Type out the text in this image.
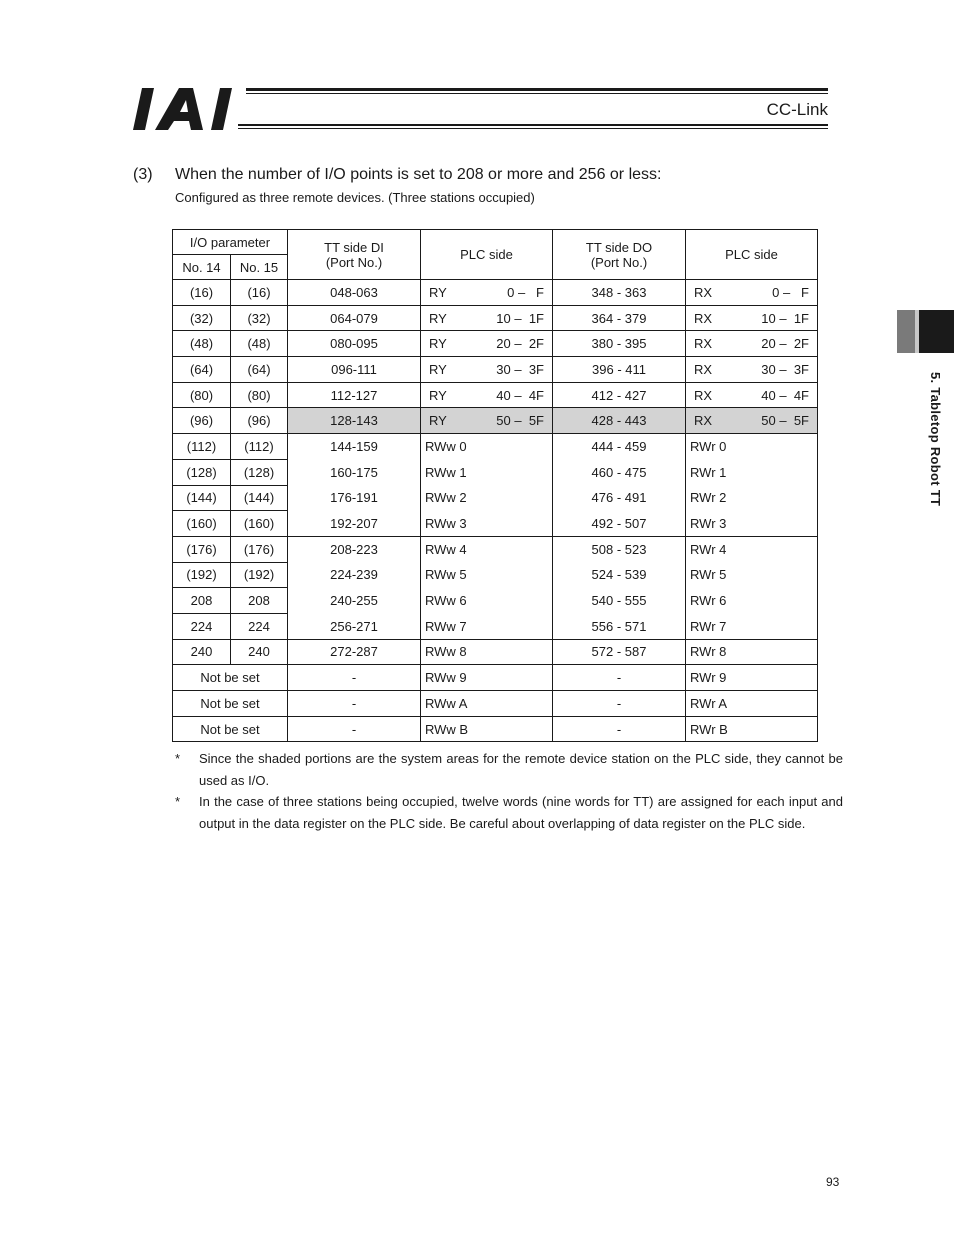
CC-Link
5. Tabletop Robot TT
(3) When the number of I/O points is set to 208 or more and 256 or less:
Configured as three remote devices. (Three stations occupied)
I/O parameter		TT side DI
(Port No.)	PLC side	TT side DO
(Port No.)	PLC side
No. 14	No. 15				
(16)	(16)	048-063	RY 0 –   F	348 - 363	RX 0 –   F

(32)	(32)	064-079	RY 10 –  1F	364 - 379	RX 10 –  1F

(48)	(48)	080-095	RY 20 –  2F	380 - 395	RX 20 –  2F

(64)	(64)	096-111	RY 30 –  3F	396 - 411	RX 30 –  3F

(80)	(80)	112-127	RY 40 –  4F	412 - 427	RX 40 –  4F

(96)	(96)	128-143	RY 50 –  5F	428 - 443	RX 50 –  5F

(112)	(112)	144-159	RWw 0	444 - 459	RWr 0
(128)	(128)	160-175	RWw 1	460 - 475	RWr 1
(144)	(144)	176-191	RWw 2	476 - 491	RWr 2
(160)	(160)	192-207	RWw 3	492 - 507	RWr 3
(176)	(176)	208-223	RWw 4	508 - 523	RWr 4
(192)	(192)	224-239	RWw 5	524 - 539	RWr 5
208	208	240-255	RWw 6	540 - 555	RWr 6
224	224	256-271	RWw 7	556 - 571	RWr 7
240	240	272-287	RWw 8	572 - 587	RWr 8
Not be set		-	RWw 9	-	RWr 9
Not be set		-	RWw A	-	RWr A
Not be set		-	RWw B	-	RWr B
* Since the shaded portions are the system areas for the remote device station on the PLC side, they cannot be used as I/O.
* In the case of three stations being occupied, twelve words (nine words for TT) are assigned for each input and output in the data register on the PLC side. Be careful about overlapping of data register on the PLC side.
93
